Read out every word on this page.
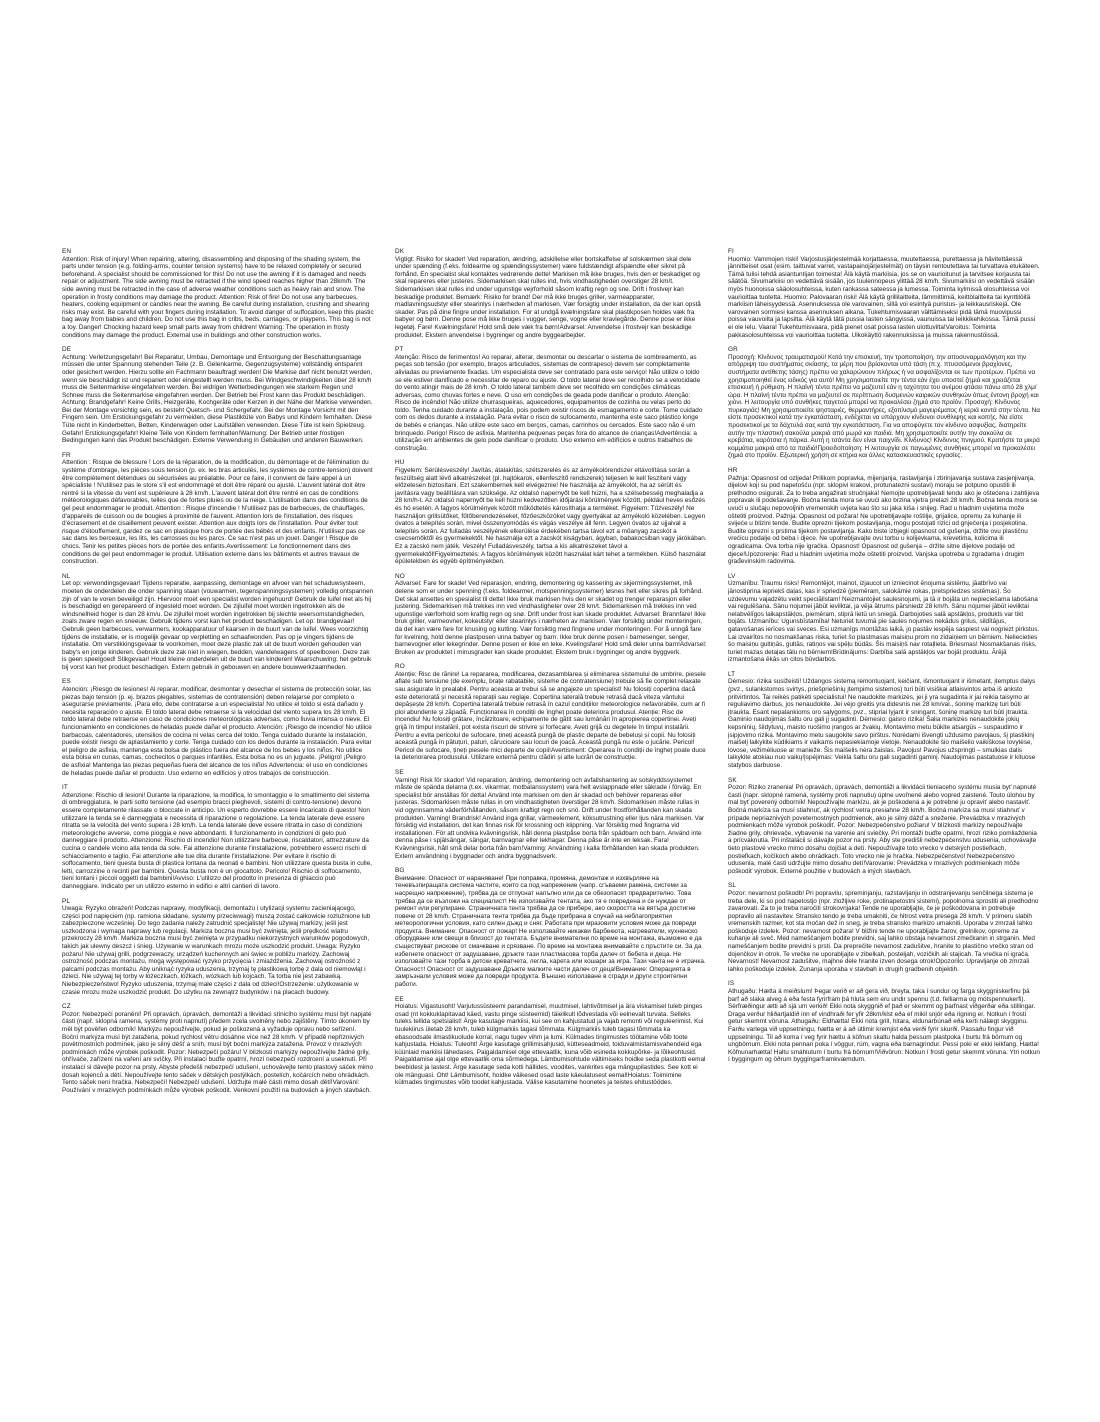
EN

Attention: Risk of injury! When repairing, altering, disassembling and disposing of the shading system, the parts under tension (e.g. folding-arms, counter tension systems) have to be relaxed completely or secured beforehand. A specialist should be commissioned for this! Do not use the awning if it is damaged and needs repair or adjustment. The side awning must be retracted if the wind speed reaches higher than 28km/h. The side awning must be retracted in the case of adverse weather conditions such as heavy rain and snow. The operation in frosty conditions may damage the product. Attention: Risk of fire! Do not use any barbecues, heaters, cooking equipment or candles near the awning. Be careful during installation, crushing and shearing risks may exist. Be careful with your fingers during installation. To avoid danger of suffocation, keep this plastic bag away from babies and children. Do not use this bag in cribs, beds, carriages, or playpens. This bag is not a toy. Danger! Chocking hazard keep small parts away from children! Warning: The operation in frosty conditions may damage the product. External use in buildings and other construction works.

DE

Achtung: Verletzungsgefahr! Bei Reparatur, Umbau, Demontage und Entsorgung der Beschattungsanlage müssen die unter Spannung stehenden Teile (z. B. Gelenkarme, Gegenzugsysteme) vollständig entspannt oder gesichert werden. Hierzu sollte ein Fachmann beauftragt werden! Die Markise darf nicht benutzt werden, wenn sie beschädigt ist und repariert oder eingestellt werden muss. Bei Windgeschwindigkeiten über 28 km/h muss die Seitenmarkise eingefahren werden. Bei widrigen Wetterbedingungen wie starkem Regen und Schnee muss die Seitenmarkise eingefahren werden. Der Betrieb bei Frost kann das Produkt beschädigen. Achtung: Brandgefahr! Keine Grills, Heizgeräte, Kochgeräte oder Kerzen in der Nähe der Markise verwenden. Bei der Montage vorsichtig sein, es besteht Quetsch- und Schergefahr. Bei der Montage Vorsicht mit den Fingern sein. Um Erstickungsgefahr zu vermeiden, diese Plastiktüte von Babys und Kindern fernhalten. Diese Tüte nicht in Kinderbetten, Betten, Kinderwagen oder Laufställen verwenden. Diese Tüte ist kein Spielzeug. Gefahr! Erstickungsgefahr! Kleine Teile von Kindern fernhalten!Warnung: Der Betrieb unter frostigen Bedingungen kann das Produkt beschädigen. Externe Verwendung in Gebäuden und anderen Bauwerken.

FR

Attention : Risque de blessure ! Lors de la réparation, de la modification, du démontage et de l'élimination du système d'ombrage, les pièces sous tension (p. ex. les bras articulés, les systèmes de contre-tension) doivent être complètement détendues ou sécurisées au préalable. Pour ce faire, il convient de faire appel à un spécialiste ! N'utilisez pas le store s'il est endommagé et doit être réparé ou ajusté. L'auvent latéral doit être rentré si la vitesse du vent est supérieure à 28 km/h. L'auvent latéral doit être rentré en cas de conditions météorologiques défavorables, telles que de fortes pluies ou de la neige. L'utilisation dans des conditions de gel peut endommager le produit. Attention : Risque d'incendie ! N'utilisez pas de barbecues, de chauffages, d'appareils de cuisson ou de bougies à proximité de l'auvent. Attention lors de l'installation, des risques d'écrasement et de cisaillement peuvent exister. Attention aux doigts lors de l'installation. Pour éviter tout risque d'étouffement, gardez ce sac en plastique hors de portée des bébés et des enfants. N'utilisez pas ce sac dans les berceaux, les lits, les carrosses ou les parcs. Ce sac n'est pas un jouet. Danger ! Risque de chocs. Tenir les petites pièces hors de portée des enfants.Avertissement: Le fonctionnement dans des conditions de gel peut endommager le produit. Utilisation externe dans les bâtiments et autres travaux de construction.

NL

Let op: verwondingsgevaar! Tijdens reparatie, aanpassing, demontage en afvoer van het schaduwsysteem, moeten de onderdelen die onder spanning staan (vouwarmen, tegenspanningssystemen) volledig ontspannen zijn of van te voren beveiligd zijn. Hiervoor moet een specialist worden ingehuurd! Gebruik de luifel niet als hij is beschadigd en gerepareerd of ingesteld moet worden. De zijluifel moet worden ingetrokken als de windsnelheid hoger is dan 28 km/u. De zijluifel moet worden ingetrokken bij slechte weersomstandigheden, zoals zware regen en sneeuw. Gebruik tijdens vorst kan het product beschadigen. Let op: brandgevaar! Gebruik geen barbecues, verwarmers, kookapparatuur of kaarsen in de buurt van de luifel. Wees voorzichtig tijdens de installatie, er is mogelijk gevaar op verpletting en schaafwonden. Pas op je vingers tijdens de installatie. Om verstikkingsgevaar te voorkomen, moet deze plastic zak uit de buurt worden gehouden van baby's en jonge kinderen. Gebruik deze zak niet in wiegen, bedden, wandelwagens of speelboxen. Deze zak is geen speelgoed! Stikgevaar! Houd kleine onderdelen uit de buurt van kinderen! Waarschuwing: het gebruik bij vorst kan het product beschadigen. Extern gebruik in gebouwen en andere bouwwerkzaamheden.

ES

Atención: ¡Riesgo de lesiones! Al reparar, modificar, desmontar y desechar el sistema de protección solar, las piezas bajo tensión (p. ej. brazos plegables, sistemas de contratensión) deben relajarse por completo o asegurarse previamente. ¡Para ello, debe contratarse a un especialista! No utilice el toldo si está dañado y necesita reparación o ajuste. El toldo lateral debe retraerse si la velocidad del viento supera los 28 km/h. El toldo lateral debe retraerse en caso de condiciones meteorológicas adversas, como lluvia intensa o nieve. El funcionamiento en condiciones de heladas puede dañar el producto. Atención: ¡Riesgo de incendio! No utilice barbacoas, calentadores, utensilios de cocina ni velas cerca del toldo. Tenga cuidado durante la instalación, puede existir riesgo de aplastamiento y corte. Tenga cuidado con los dedos durante la instalación. Para evitar el peligro de asfixia, mantenga esta bolsa de plástico fuera del alcance de los bebés y los niños. No utilice esta bolsa en cunas, camas, cochecitos o parques infantiles. Esta bolsa no es un juguete. ¡Peligro! ¡Peligro de asfixia! Mantenga las piezas pequeñas fuera del alcance de los niños Advertencia: el uso en condiciones de heladas puede dañar el producto. Uso externo en edificios y otros trabajos de construcción.

IT

Attenzione: Rischio di lesioni! Durante la riparazione, la modifica, lo smontaggio e lo smaltimento del sistema di ombreggiatura, le parti sotto tensione (ad esempio bracci pieghevoli, sistemi di contro-tensione) devono essere completamente rilassate o bloccate in anticipo. Un esperto dovrebbe essere incaricato di questo! Non utilizzare la tenda se è danneggiata e necessita di riparazione o regolazione. La tenda laterale deve essere ritratta se la velocità del vento supera i 28 km/h. La tenda laterale deve essere ritratta in caso di condizioni meteorologiche avverse, come pioggia e neve abbondanti. Il funzionamento in condizioni di gelo può danneggiare il prodotto. Attenzione: Rischio di incendio! Non utilizzare barbecue, riscaldatori, attrezzature da cucina o candele vicino alla tenda da sole. Fai attenzione durante l'installazione, potrebbero esserci rischi di schiacciamento e taglio. Fai attenzione alle tue dita durante l'installazione. Per evitare il rischio di soffocamento, tieni questa busta di plastica lontana da neonati e bambini. Non utilizzare questa busta in culle, letti, carrozzine o recinti per bambini. Questa busta non è un giocattolo. Pericolo! Rischio di soffocamento, tieni lontani i piccoli oggetti dai bambini!Avviso: L'utilizzo del prodotto in presenza di ghiaccio può danneggiare. Indicato per un utilizzo esterno in edifici e altri cantieri di lavoro.

PL

Uwaga: Ryzyko obrażeń! Podczas naprawy, modyfikacji, demontażu i utylizacji systemu zacieniającego, części pod napięciem (np. ramiona składane, systemy przeciwwagi) muszą zostać całkowicie rozluźnione lub zabezpieczone wcześniej. Do tego zadania należy zatrudnić specjalistę! Nie używaj markizy, jeśli jest uszkodzona i wymaga naprawy lub regulacji. Markiza boczna musi być zwinięta, jeśli prędkość wiatru przekroczy 28 km/h. Markiza boczna musi być zwinięta w przypadku niekorzystnych warunków pogodowych, takich jak ulewny deszcz i śnieg. Używanie w warunkach mrozu może uszkodzić produkt. Uwaga: Ryzyko pożaru! Nie używaj grilli, podgrzewaczy, urządzeń kuchennych ani świec w pobliżu markizy. Zachowaj ostrożność podczas montażu, mogą występować ryzyko przycięcia i zmiażdżenia. Zachowaj ostrożność z palcami podczas montażu. Aby uniknąć ryzyka uduszenia, trzymaj tę plastikową torbę z dala od niemowląt i dzieci. Nie używaj tej torby w łóżeczkach, łóżkach, wózkach lub kojcach. Ta torba nie jest zabawką. Niebezpieczeństwo! Ryzyko uduszenia, trzymaj małe części z dala od dzieci!Ostrzeżenie: użytkowanie w czasie mrozu może uszkodzić produkt. Do użytku na zewnątrz budynków i na placach budowy.

CZ

Pozor: Nebezpečí poranění! Při opravách, úpravách, demontáži a likvidaci stínicího systému musí být napjaté části (např. sklopná ramena, systémy proti napnutí) předem zcela uvolněny nebo zajištěny. Tímto úkonem by měl být pověřen odborník! Markýzu nepoužívejte, pokud je poškozená a vyžaduje opravu nebo seřízení. Boční markýza musí být zatažena, pokud rychlost větru dosáhne více než 28 km/h. V případě nepříznivých povětrnostních podmínek, jako je silný déšť a sníh, musí být boční markýza zatažena. Provoz v mrazivých podmínkách může výrobek poškodit. Pozor: Nebezpečí požáru! V blízkosti markýzy nepoužívejte žádné grily, ohřívače, zařízení na vaření ani svíčky. Při instalaci buďte opatrní, hrozí nebezpečí rozdrcení a useknutí. Při instalaci si dávejte pozor na prsty. Abyste předešli nebezpečí udušení, uchovávejte tento plastový sáček mimo dosah kojenců a dětí. Nepoužívejte tento sáček v dětských postýlkách, postelích, kočárcích nebo ohrádkách. Tento sáček není hračka. Nebezpečí! Nebezpečí udušení. Udržujte malé části mimo dosah dětí!Varování: Používání v mrazivých podmínkách může výrobek poškodit. Venkovní použití na budovách a jiných stavbách.

DK

Vigtigt: Risiko for skader! Ved reparation, ændring, adskillelse eller bortskaffelse af solskærmen skal dele under spænding (f.eks. foldearme og spændingssystemer) være fuldstændigt afspændte eller sikret på forhånd. En specialist skal kontaktes vedrørende dette! Markisen må ikke bruges, hvis den er beskadiget og skal repareres eller justeres. Sidemarkisen skal rulles ind, hvis vindhastigheden overstiger 28 km/t. Sidemarkisen skal rulles ind under ugunstige vejrforhold såsom kraftig regn og sne. Drift i frostvejr kan beskadige produktet. Bemærk: Risiko for brand! Der må ikke bruges griller, varmeapparater, madlavningsudstyr eller stearinlys i nærheden af markisen. Vær forsigtig under installation, da der kan opstå skader. Pas på dine fingre under installation. For at undgå kvælningsfare skal plastikposen holdes væk fra babyer og børn. Denne pose må ikke bruges i vugger, senge, vogne eller kravlegårde. Denne pose er ikke legetøj. Fare! Kvælningsfare! Hold små dele væk fra børn!Advarsel: Anvendelse i frostvejr kan beskadige produktet. Ekstern anvendelse i bygninger og andre byggearbejder.

PT

Atenção: Risco de ferimentos! Ao reparar, alterar, desmontar ou descartar o sistema de sombreamento, as peças sob tensão (por exemplo, braços articulados, sistemas de contrapeso) devem ser completamente aliviadas ou previamente fixadas. Um especialista deve ser contratado para este serviço! Não utilize o toldo se ele estiver danificado e necessitar de reparo ou ajuste. O toldo lateral deve ser recolhido se a velocidade do vento atingir mais de 28 km/h. O toldo lateral também deve ser recolhido em condições climáticas adversas, como chuvas fortes e neve. O uso em condições de geada pode danificar o produto. Atenção: Risco de incêndio! Não utilize churrasqueiras, aquecedores, equipamentos de cozinha ou velas perto do toldo. Tenha cuidado durante a instalação, pois podem existir riscos de esmagamento e corte. Tome cuidado com os dedos durante a instalação. Para evitar o risco de sufocamento, mantenha este saco plástico longe de bebês e crianças. Não utilize este saco em berços, camas, carrinhos ou cercados. Este saco não é um brinquedo. Perigo! Risco de asfixia. Mantenha pequenas peças fora do alcance de crianças!Advertência: a utilização em ambientes de gelo pode danificar o produto. Uso externo em edifícios e outros trabalhos de construção.

HU

Figyelem: Sérülésveszély! Javítás, átalakítás, szétszerelés és az árnyékolórendszer eltávolítása során a feszültség alatt lévő alkatrészeket (pl. hajtókarok, ellenfeszítő rendszerek) teljesen le kell feszíteni vagy előzetesen biztosítani. Ezt szakembernek kell elvégeznie! Ne használja az árnyékolót, ha az sérült és javításra vagy beállításra van szüksége. Az oldalsó napernyőt be kell húzni, ha a szélsebesség meghaladja a 28 km/h-t. Az oldalsó napernyőt be kell húzni kedvezőtlen időjárási körülmények között, például heves esőzés és hó esetén. A fagyos körülmények között működtetés károsíthatja a terméket. Figyelem: Tűzveszély! Ne használjon grillsütőket, fűtőberendezéseket, főzőeszközöket vagy gyertyákat az árnyékoló közelében. Legyen óvatos a telepítés során, mivel összenyomódás és vágás veszélye áll fenn. Legyen óvatos az ujjaival a telepítés során. Az fulladás veszélyének elkerülése érdekében tartsa távol ezt a műanyag zacskót a csecsemőktől és gyermekektől. Ne használja ezt a zacskót kiságyban, ágyban, babakocsiban vagy járókában. Ez a zacskó nem játék. Veszély! Fulladásveszély, tartsa a kis alkatrészeket távol a gyermekektől!Figyelmeztetés: A fagyos körülmények között használat kárt tehet a termékben. Külső használat épületekben és egyéb építményekben.

NO

Advarsel: Fare for skade! Ved reparasjon, endring, demontering og kassering av skjermingssystemet, må delene som er under spenning (f.eks. foldearmer, motspenningssystemer) løsnes helt eller sikres på forhånd. Det skal ansettes en spesialist til dette! Ikke bruk markisen hvis den er skadet og trenger reparasjon eller justering. Sidemarkisen må trekkes inn ved vindhastigheter over 28 km/t. Sidemarkisen må trekkes inn ved ugunstige værforhold som kraftig regn og snø. Drift under frost kan skade produktet. Advarsel: Brannfare! Ikke bruk griller, varmeovner, kokeutstyr eller stearinlys i nærheten av markisen. Vær forsiktig under monteringen, da det kan være fare for knusing og kutting. Vær forsiktig med fingrene under monteringen. For å unngå fare for kvelning, hold denne plastposen unna babyer og barn. Ikke bruk denne posen i barnesenger, senger, barnevogner eller lekegrinder. Denne posen er ikke en leke. Kvelingsfare! Hold små deler unna barn!Advarsel: Bruken av produktet i minusgrader kan skade produktet. Ekstern bruk i bygninger og andre byggverk.

RO

Atenție: Risc de rănire! La repararea, modificarea, dezasamblarea și eliminarea sistemului de umbrire, piesele aflate sub tensiune (de exemplu, brațe rabatabile, sisteme de contratensiune) trebuie să fie complet relaxate sau asigurate în prealabil. Pentru aceasta ar trebui să se angajeze un specialist! Nu folosiți copertina dacă este deteriorată și necesită reparații sau reglaje. Copertina laterală trebuie retrasă dacă viteza vântului depășește 28 km/h. Copertina laterală trebuie retrasă în cazul condițiilor meteorologice nefavorabile, cum ar fi ploi abundente și zăpadă. Funcționarea în condiții de îngheț poate deteriora produsul. Atenție: Risc de incendiu! Nu folosiți grătare, încălzitoare, echipamente de gătit sau lumânări în apropierea copertinei. Aveți grijă în timpul instalării, pot exista riscuri de strivire și forfecare. Aveți grijă cu degetele în timpul instalării. Pentru a evita pericolul de sufocare, țineți această pungă de plastic departe de bebeluși și copii. Nu folosiți această pungă în pătuțuri, paturi, cărucioare sau locuri de joacă. Această pungă nu este o jucărie. Pericol! Pericol de sufocare, țineți piesele mici departe de copii!Avertisment: Operarea în condiții de îngheț poate duce la deteriorarea produsului. Utilizare externă pentru clădiri și alte lucrări de construcție.

SE

Varning! Risk för skador! Vid reparation, ändring, demontering och avfallshantering av solskyddssystemet måste de spända delarna (t.ex. vikarmar, motbalanssystem) vara helt avslappnade eller säkrade i förväg. En specialist bör anställas för detta! Använd inte markisen om den är skadad och behöver repareras eller justeras. Sidomarkisen måste rullas in om vindhastigheten överstiger 28 km/h. Sidomarkisen måste rullas in vid ogynnsamma väderförhållanden, såsom kraftigt regn och snö. Drift under frostförhållanden kan skada produkten. Varning! Brandrisk! Använd inga grillar, värmeelement, köksutrustning eller ljus nära markisen. Var försiktig vid installation, det kan finnas risk för krossning och klippning. Var försiktig med fingrarna vid installationen. För att undvika kvävningsrisk, håll denna plastpåse borta från spädbarn och barn. Använd inte denna påse i spjälsängar, sängar, barnvagnar eller lekhagar. Denna påse är inte en leksak. Fara! Kvävningsrisk, håll små delar borta från barn!Varning: Användning i kalla förhållanden kan skada produkten. Extern användning i byggnader och andra byggnadsverk.

BG

Внимание: Опасност от нараняване! При поправка, промяна, демонтаж и изхвърляне на теневъзпиращата система частите, които са под напрежение (напр. сгъваеми рамена, системи за насрещно напрежение), трябва да се отпуснат напълно или да се обезопасят предварително. Това трябва да се възложи на специалист! Не използвайте тентата, ако тя е повредена и се нуждае от ремонт или регулиране. Страничната тента трябва да се прибере, ако скоростта на вятъра достигне повече от 28 km/h. Страничната тента трябва да бъде прибрана в случай на неблагоприятни метеорологични условия, като силен дъжд и сняг. Работата при мразовити условия може да повреди продукта. Внимание: Опасност от пожар! Не използвайте никакви барбекюта, нагреватели, кухненско оборудване или свещи в близост до тентата. Бъдете внимателни по време на монтажа, възможно е да съществуват рискове от смачкване и срязване. По време на монтажа внимавайте с пръстите си. За да избегнете опасност от задушаване, дръжте тази пластмасова торба далеч от бебета и деца. Не използвайте тази торба в детски креватчета, легла, карета или кошари за игра. Тази чанта не е играчка. Опасност! Опасност от задушаване Дръжте малките части далеч от деца!Внимание: Операцията в замръзнали условия може да повреди продукта. Външно използване в сгради и други строителни работи.

EE

Hoiatus: Vigastusoht! Varjutussüsteemi parandamisel, muutmisel, lahtivõtmisel ja ära viskamisel tuleb pinges osad (nt kokkuklapitavad käed, vastu pinge süsteemid) täielikult lõdvestada või eelnevalt turvata. Selleks tuleks tellida spetsialist! Ärge kasutage markiisi, kui see on kahjustatud ja vajab remonti või reguleerimist. Kui tuulekiirus ületab 28 km/h, tuleb külgmarkiis tagasi tõmmata. Külgmarkiis tuleb tagasi tõmmata ka ebasoodsate ilmastikuolude korral, nagu tugev vihm ja lumi. Külmades tingimustes töötamine võib toote kahjustada. Hoiatus: Tuleoht! Ärge kasutage grillimisahjusid, kütteseadmeid, toiduvalmistamisvahendeid ega küünlaid markiisi lähedases. Paigaldamisel olge ettevaatlik, kuna võib esineda kokkupõrke- ja lõikeohtusid. Paigaldamise ajal olge ettevaatlik oma sõrmedega. Lämbumisohtude vältimiseks hoidke seda plastkotti eemal beebidest ja lastest. Ärge kasutage seda kotti hällides, voodites, vankrites ega mängupilastides. See kott ei ole mänguasi. Oht! Lämbumisoht, hoidke väikesed osad laste käeulatusest eemal!Hoiatus: Toimimine külmades tingimustes võib toodet kahjustada. Välise kasutamine hoonetes ja teistes ehitustöödes.

FI

Huomio: Vammojen riski! Varjostusjärjestelmää korjattaessa, muutettaessa, purettaessa ja hävitettäessä jännitteiset osat (esim. taittuvat varret, vastapainojärjestelmät) on täysin rentoutettava tai turvattava etukäteen. Tämä tulisi tehdä asiantuntijan toimesta! Älä käytä markiisia, jos se on vaurioitunut ja tarvitsee korjausta tai säätöä. Sivumarkiisi on vedettävä sisään, jos tuulennopeus ylittää 28 km/h. Sivumarkiisi on vedettävä sisään myös huonoissa sääolosuhteissa, kuten rankassa sateessa ja lumessa. Toiminta kylmissä olosuhteissa voi vaurioittaa tuotetta. Huomio: Palovaaran riski! Älä käytä grillilaitteita, lämmittimiä, keittölaitteita tai kynttilöitä markiisin läheisyydessä. Asennuksessa ole varovainen, sillä voi esiintyä puristus- ja leikkausriskejä. Ole varovainen sormiesi kanssa asennuksen aikana. Tukehtumisvaaran välttämiseksi pidä tämä muovipussi poissa vauvoilta ja lapsilta. Älä käytä tätä pussia lasten sängyissä, vaunuissa tai leikkikehikossa. Tämä pussi ei ole lelu. Vaara! Tukehtumisvaara, pidä pienet osat poissa lasten ulottuvilta!Varoitus: Toiminta pakkasolosuhteissa voi vaurioittaa tuotetta. Ulkokäyttö rakennuksissa ja muissa rakennustöissä.

GR

Προσοχή: Κίνδυνος τραυματισμού! Κατά την επισκευή, την τροποποίηση, την αποσυναρμολόγηση και την απόρριψη του συστήματος σκίασης, τα μέρη που βρίσκονται υπό τάση (π.χ. πτυσσόμενοι βραχίονες, συστήματα αντίθετης τάσης) πρέπει να χαλαρώνουν πλήρως ή να ασφαλίζονται εκ των προτέρων. Πρέπει να χρησιμοποιηθεί ένας ειδικός για αυτό! Μη χρησιμοποιείτε την τέντα εάν έχει υποστεί ζημιά και χρειάζεται επισκευή ή ρύθμιση. Η πλαϊνή τέντα πρέπει να μαζευτεί εάν η ταχύτητα του ανέμου φτάσει πάνω από 28 χλμ/ώρα. Η πλαϊνή τέντα πρέπει να μαζευτεί σε περίπτωση δυσμενών καιρικών συνθηκών όπως έντονη βροχή και χιόνι. Η λειτουργία υπό συνθήκες παγετού μπορεί να προκαλέσει ζημιά στο προϊόν. Προσοχή: Κίνδυνος πυρκαγιάς! Μη χρησιμοποιείτε ψησταριές, θερμαντήρες, εξοπλισμό μαγειρέματος ή κεριά κοντά στην τέντα. Να είστε προσεκτικοί κατά την εγκατάσταση, ενδέχεται να υπάρχουν κίνδυνοι συνθλιψης και κοπής. Να είστε προσεκτικοί με τα δάχτυλά σας κατά την εγκατάσταση. Για να αποφύγετε τον κίνδυνο ασφυξίας, διατηρείτε αυτήν την πλαστική σακούλα μακριά από μωρά και παιδιά. Μη χρησιμοποιείτε αυτήν την σακούλα σε κρεβάτια, καρότσια ή πάρκα. Αυτή η τσάντα δεν είναι παιχνίδι. Κίνδυνος! Κίνδυνος πνιγμού. Κρατήστε τα μικρά κομμάτια μακριά από τα παιδιά!Προειδοποίηση: Η λειτουργία σε παγωμένες συνθήκες μπορεί να προκαλέσει ζημιά στο προϊόν. Εξωτερική χρήση σε κτήρια και άλλες κατασκευαστικές εργασίες.

HR

Pažnja: Opasnost od ozljeda! Prilikom popravka, mijenjanja, rastavljanja i zbrinjavanja sustava zasjenjivanja, dijelovi koji su pod napetošću (npr. sklopivi krakovi, protunatezni sustavi) moraju se potpuno opustiti ili prethodno osigurati. Za to treba angažirati stručnjaka! Nemojte upotrebljavati tendu ako je oštećena i zahtijeva popravak ili podešavanje. Bočna tenda mora se uvući ako brzina vjetra prelazi 28 km/h. Bočna tenda mora se uvući u slučaju nepovoljnih vremenskih uvjeta kao što su jaka kiša i snijeg. Rad u hladnim uvjetima može oštetiti proizvod. Pažnja: Opasnost od požara! Ne upotrebljavajte roštilje, grijalice, opremu za kuhanje ili svijeće u blizini tende. Budite oprezni tijekom postavljanja, mogu postojati rizici od gnječenja i posjekotina. Budite oprezni s prstima tijekom postavljanja. Kako biste izbjegli opasnost od gušenja, držite ovu plastičnu vrećicu podalje od beba i djece. Ne upotrebljavajte ovu torbu u kolijevkama, krevetima, kolicima ili ogradicama. Ova torba nije igračka. Opasnost! Opasnost od gušenja – držite sitne dijelove podalje od djece!Upozorenje: Rad u hladnim uvjetima može oštetiti proizvod. Vanjska upotreba u zgradama i drugim građevinskim radovima.

LV

Uzmanību: Traumu risks! Remontējot, mainot, izjaucot un izniecinot ēnojuma sistēmu, jāatbrīvo vai jānostiprina iepriekš daļas, kas ir spriedzē (piemēram, salokāmie rokas, pretspriedzes sistēmas). Šo uzdevumu vajadzētu veikt speciālistam! Neizmantojiet saulesnojumi, ja tā ir bojāta un nepieciešama labošana vai regulēšana. Sānu nojumei jābūt ievilktai, ja vēja ātrums pārsniedz 28 km/h. Sānu nojumei jābūt ievilktai nelabvēlīgos laikapstākļos, piemēram, stiprā lietū un sniegā. Darbojoties salā apstākļos, produkts var tikt bojāts. Uzmanību: Ugunsbīstamība! Neturiet tuvumā pie saules nojumes nekādus grilus, sildītājus, gatavošanas ierīces vai sveces. Esi uzmanīgs montāžas laikā, jo pastāv iespēja saspiest vai nogriezt pirkstus. Lai izvairītos no nosmakšanas riska, turiet šo plastmasas maisiņu prom no zīdaiņiem un bērniem. Neliecieties šo maisiņu gultiņās, gultās, ratiņos vai spēļu būdās. Šis maisiņš nav rotaļlieta. Briesmas! Nosmakšanas risks, turiet mazas detaļas tālu no bērniem!Brīdinājums: Darbība salā apstākļos var bojāt produktu. Ārējā izmantošana ēkās un citos būvdarbos.

LT

Dėmesio: rizika susižeisti! Uždangos sistemą remontuojant, keičiant, išmontuojant ir išmetant, įtemptus dalys (pvz., sulankstomos svirtys, priešpriešinių įtempimo sistemos) turi būti visiškai atlaisvintos arba iš anksto pritvirtintos. Tai reikės patikėti specialistui! Ne naudokite markizės, jei ji yra sugadinta ir jai reikia taisymo ar reguliavimo darbus, jos nenaudokite. Jei vėjo greitis yra didesnis nei 28 km/val., šoninę markizę turi būti įtraukta. Esant nepalankioms oro sąlygoms, pvz., stipriai lyjant ir sningant, šoninę markizę turi būti įtraukta. Gaminio naudojimas šaltu oru gali jį sugadinti. Dėmesio: gaisro rizika! Šalia markizės nenaudokite jokių kepsninių, šildytuvų, maisto ruošimo įrangos ar žvakių. Montavimo metu būkite atsargūs – suspaudimo ir įsipjovimo rizika. Montavimo metu saugokite savo pirštus. Norėdami išvengti uždusimo pavojaus, šį plastikinį maišelį laikykite kūdikiams ir vaikams nepasiekiamoje vietoje. Nenaudokite šio maišelio vaikiškose lovytėse, lovose, vežimėliuose ar manieže. Šis maišelis nėra žaislas. Pavojus! Pavojus užspringti – smulkias dalis laikykite atokiau nuo vaikų!Įspėjimas: Veikla šaltu oru gali sugadinti gaminį. Naudojimas pastatuose ir kituose statybos darbuose.

SK

Pozor: Riziko zranenia! Pri opravách, úpravách, demontáži a likvidácii tieniaceho systému musia byť napnuté časti (napr. sklopné ramená, systémy proti napnutiu) úplne uvoľnené alebo vopred zaistené. Touto úlohou by mal byť poverený odborník! Nepoužívajte markízu, ak je poškodená a je potrebné ju opraviť alebo nastaviť. Bočná markíza sa musí stiahnuť, ak rýchlosť vetra presiahne 28 km/h. Bočná markíza sa musí stiahnuť v prípade nepriaznivých poveternostných podmienok, ako je silný dážď a sneženie. Prevádzka v mrazivých podmienkach môže výrobok poškodiť. Pozor: Nebezpečenstvo požiaru! V blízkosti markízy nepoužívajte žiadne grily, ohrievače, vybavenie na varenie ani sviečky. Pri montáži buďte opatrní, hrozí riziko pomliaždenia a prícvaknutia. Pri inštalácii si dávajte pozor na prsty. Aby ste predišli nebezpečenstvu udusenia, uchovávajte tieto plastové vrecko mimo dosahu dojčiat a detí. Nepoužívajte toto vrecko v detských postieľkach, postieľkach, kočíkoch alebo ohrádkach. Toto vrecko nie je hračka. Nebezpečenstvo! Nebezpečenstvo udusenia, malé časti udržujte mimo dosahu detí!Varovanie: Prevádzka v mrazivých podmienkach môže poškodiť výrobok. Externé použitie v budovách a iných stavbách.

SL

Pozor: nevarnost poškodb! Pri popravilu, spreminjanju, razstavljanju in odstranjevanju senčilnega sistema je treba dele, ki so pod napetostjo (npr. zložljive roke, protinapetostni sistemi), popolnoma sprostiti ali predhodno zavarovati. Za to je treba naročiti strokovnjaka! Tende ne uporabljajte, če je poškodovana in potrebuje popravilo ali nastavitev. Stransko tendo je treba umakniti, če hitrost vetra presega 28 km/h. V primeru slabih vremenskih razmer, kot sta močan dež in sneg, je treba stransko markizo umakniti. Uporaba v zmrzali lahko poškoduje izdelek. Pozor: nevarnost požara! V bližini tende ne uporabljajte žarov, grelnikov, opreme za kuhanje ali sveč. Med nameščanjem bodite previdni, saj lahko obstaja nevarnost zmečkanin in strganin. Med nameščanjem bodite previdni s prsti. Da preprečite nevarnost zadušitve, hranite to plastično vrečko stran od dojenčkov in otrok. Te vrečke ne uporabljajte v zibelkah, posteljah, vozičkih ali stajicah. Ta vrečka ni igrača. Nevarnost! Nevarnost zadušitve, majhne dele hranite izven dosega otrok!Opozorilo: Upravljanje ob zmrzali lahko poškoduje izdelek. Zunanja uporaba v stavbah in drugih gradbenih objektih.

IS

Athugaðu: Hætta á meiðslum! Þegar verið er að gera við, breyta, taka í sundur og farga skyggniskerfinu þá þarf að slaka alveg á eða festa fyrirfram þá hluta sem eru undir spennu (t.d. felliarma og mótspennukerfi). Sérfræðingur ætti að sjá um verkið! Ekki nota skyggnið ef það er skemmt og þarfnast viðgerðar eða stillingar. Draga verður hliðartjaldið inn ef vindhraði fer yfir 28km/klst eða ef mikil snjór eða rigning er. Notkun í frosti getur skemmt vöruna. Athugaðu: Eldhætta! Ekki nota grill, hitara, eldunarbúnað eða kerti nálægt skygginu. Farðu varlega við uppsetningu, hætta er á að útlimir kremjist eða verði fyrir skurði. Passaðu fingur við uppsetningu. Til að koma í veg fyrir hættu á köfnun skaltu halda þessum plastpoka í burtu frá börnum og ungbörnum. Ekki nota pennan poka í vöggur, rúm, vagna eða barnagrindur. Pessi poki er ekki leikfang. Hætta! Köfnunarhætta! Haltu smáhlutum í burtu frá börnum!Viðvörun: Notkun í frosti getur skemmt vöruna. Ytri notkun í byggingum og öðrum byggingarframkvæmdum.
